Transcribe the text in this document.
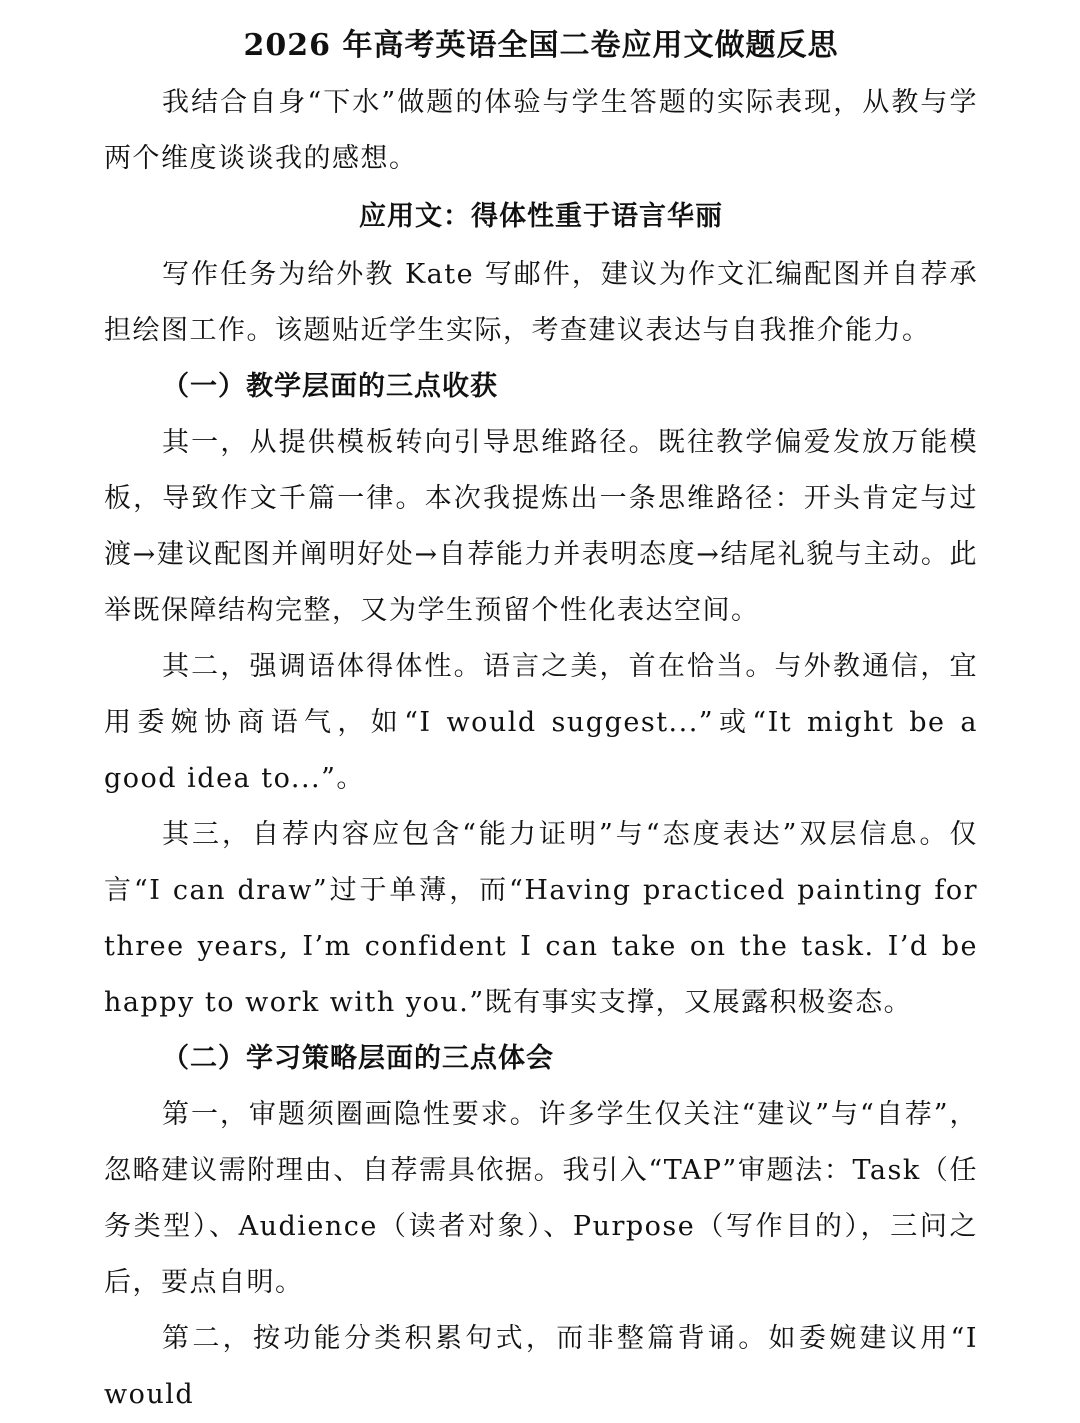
2026 年高考英语全国二卷应用文做题反思

我结合自身“下水”做题的体验与学生答题的实际表现，从教与学两个维度谈谈我的感想。

应用文：得体性重于语言华丽

写作任务为给外教 Kate 写邮件，建议为作文汇编配图并自荐承担绘图工作。该题贴近学生实际，考查建议表达与自我推介能力。

（一）教学层面的三点收获

其一，从提供模板转向引导思维路径。既往教学偏爱发放万能模板，导致作文千篇一律。本次我提炼出一条思维路径：开头肯定与过渡→建议配图并阐明好处→自荐能力并表明态度→结尾礼貌与主动。此举既保障结构完整，又为学生预留个性化表达空间。

其二，强调语体得体性。语言之美，首在恰当。与外教通信，宜用委婉协商语气，如“I would suggest...”或“It might be a good idea to...”。

其三，自荐内容应包含“能力证明”与“态度表达”双层信息。仅言“I can draw”过于单薄，而“Having practiced painting for three years, I’m confident I can take on the task. I’d be happy to work with you.”既有事实支撑，又展露积极姿态。

（二）学习策略层面的三点体会

第一，审题须圈画隐性要求。许多学生仅关注“建议”与“自荐”，忽略建议需附理由、自荐需具依据。我引入“TAP”审题法：Task（任务类型）、Audience（读者对象）、Purpose（写作目的），三问之后，要点自明。

第二，按功能分类积累句式，而非整篇背诵。如委婉建议用“I would
